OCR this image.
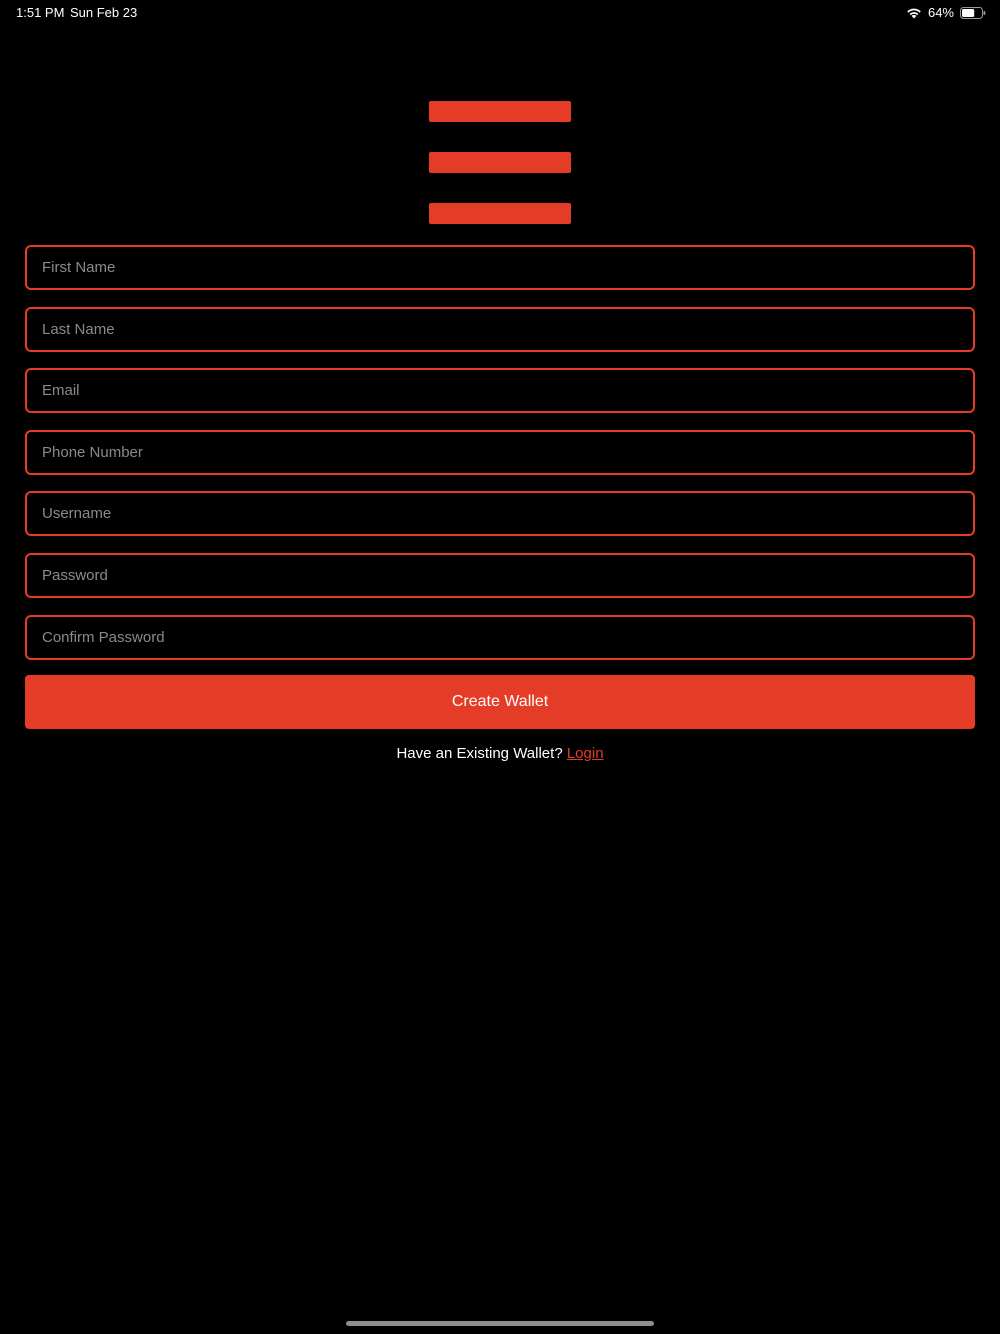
1:51 PM Sun Feb 23	64%
First Name
Last Name
Email
Phone Number
Username
Create Wallet
Have an Existing Wallet? Login
